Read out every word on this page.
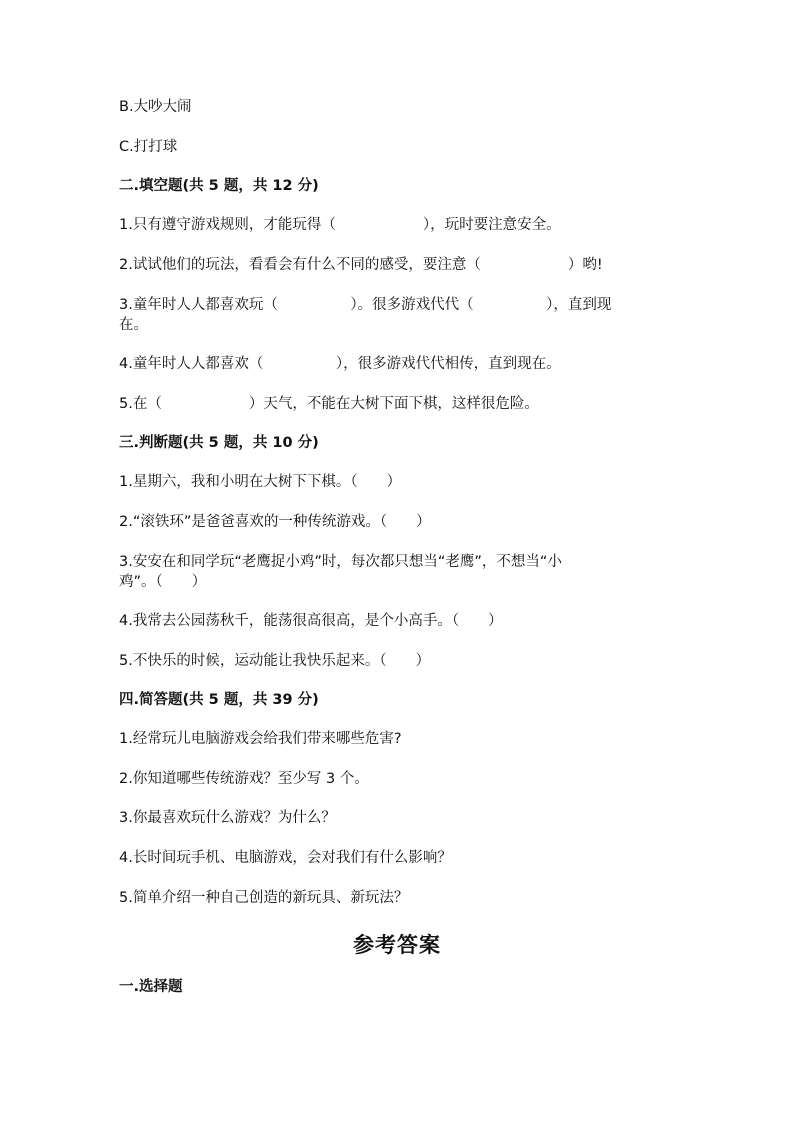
B.大吵大闹
C.打打球
二.填空题(共 5 题，共 12 分)
1.只有遵守游戏规则，才能玩得（　　　　　　），玩时要注意安全。
2.试试他们的玩法，看看会有什么不同的感受，要注意（　　　　　　）哟!
3.童年时人人都喜欢玩（　　　　　）。很多游戏代代（　　　　　），直到现
在。
4.童年时人人都喜欢（　　　　　），很多游戏代代相传，直到现在。
5.在（　　　　　　）天气，不能在大树下面下棋，这样很危险。
三.判断题(共 5 题，共 10 分)
1.星期六，我和小明在大树下下棋。（　　）
2.“滚铁环”是爸爸喜欢的一种传统游戏。（　　）
3.安安在和同学玩“老鹰捉小鸡”时，每次都只想当“老鹰”，不想当“小
鸡”。（　　）
4.我常去公园荡秋千，能荡很高很高，是个小高手。（　　）
5.不快乐的时候，运动能让我快乐起来。（　　）
四.简答题(共 5 题，共 39 分)
1.经常玩儿电脑游戏会给我们带来哪些危害?
2.你知道哪些传统游戏？至少写 3 个。
3.你最喜欢玩什么游戏？为什么？
4.长时间玩手机、电脑游戏，会对我们有什么影响？
5.简单介绍一种自己创造的新玩具、新玩法？
参考答案
一.选择题
